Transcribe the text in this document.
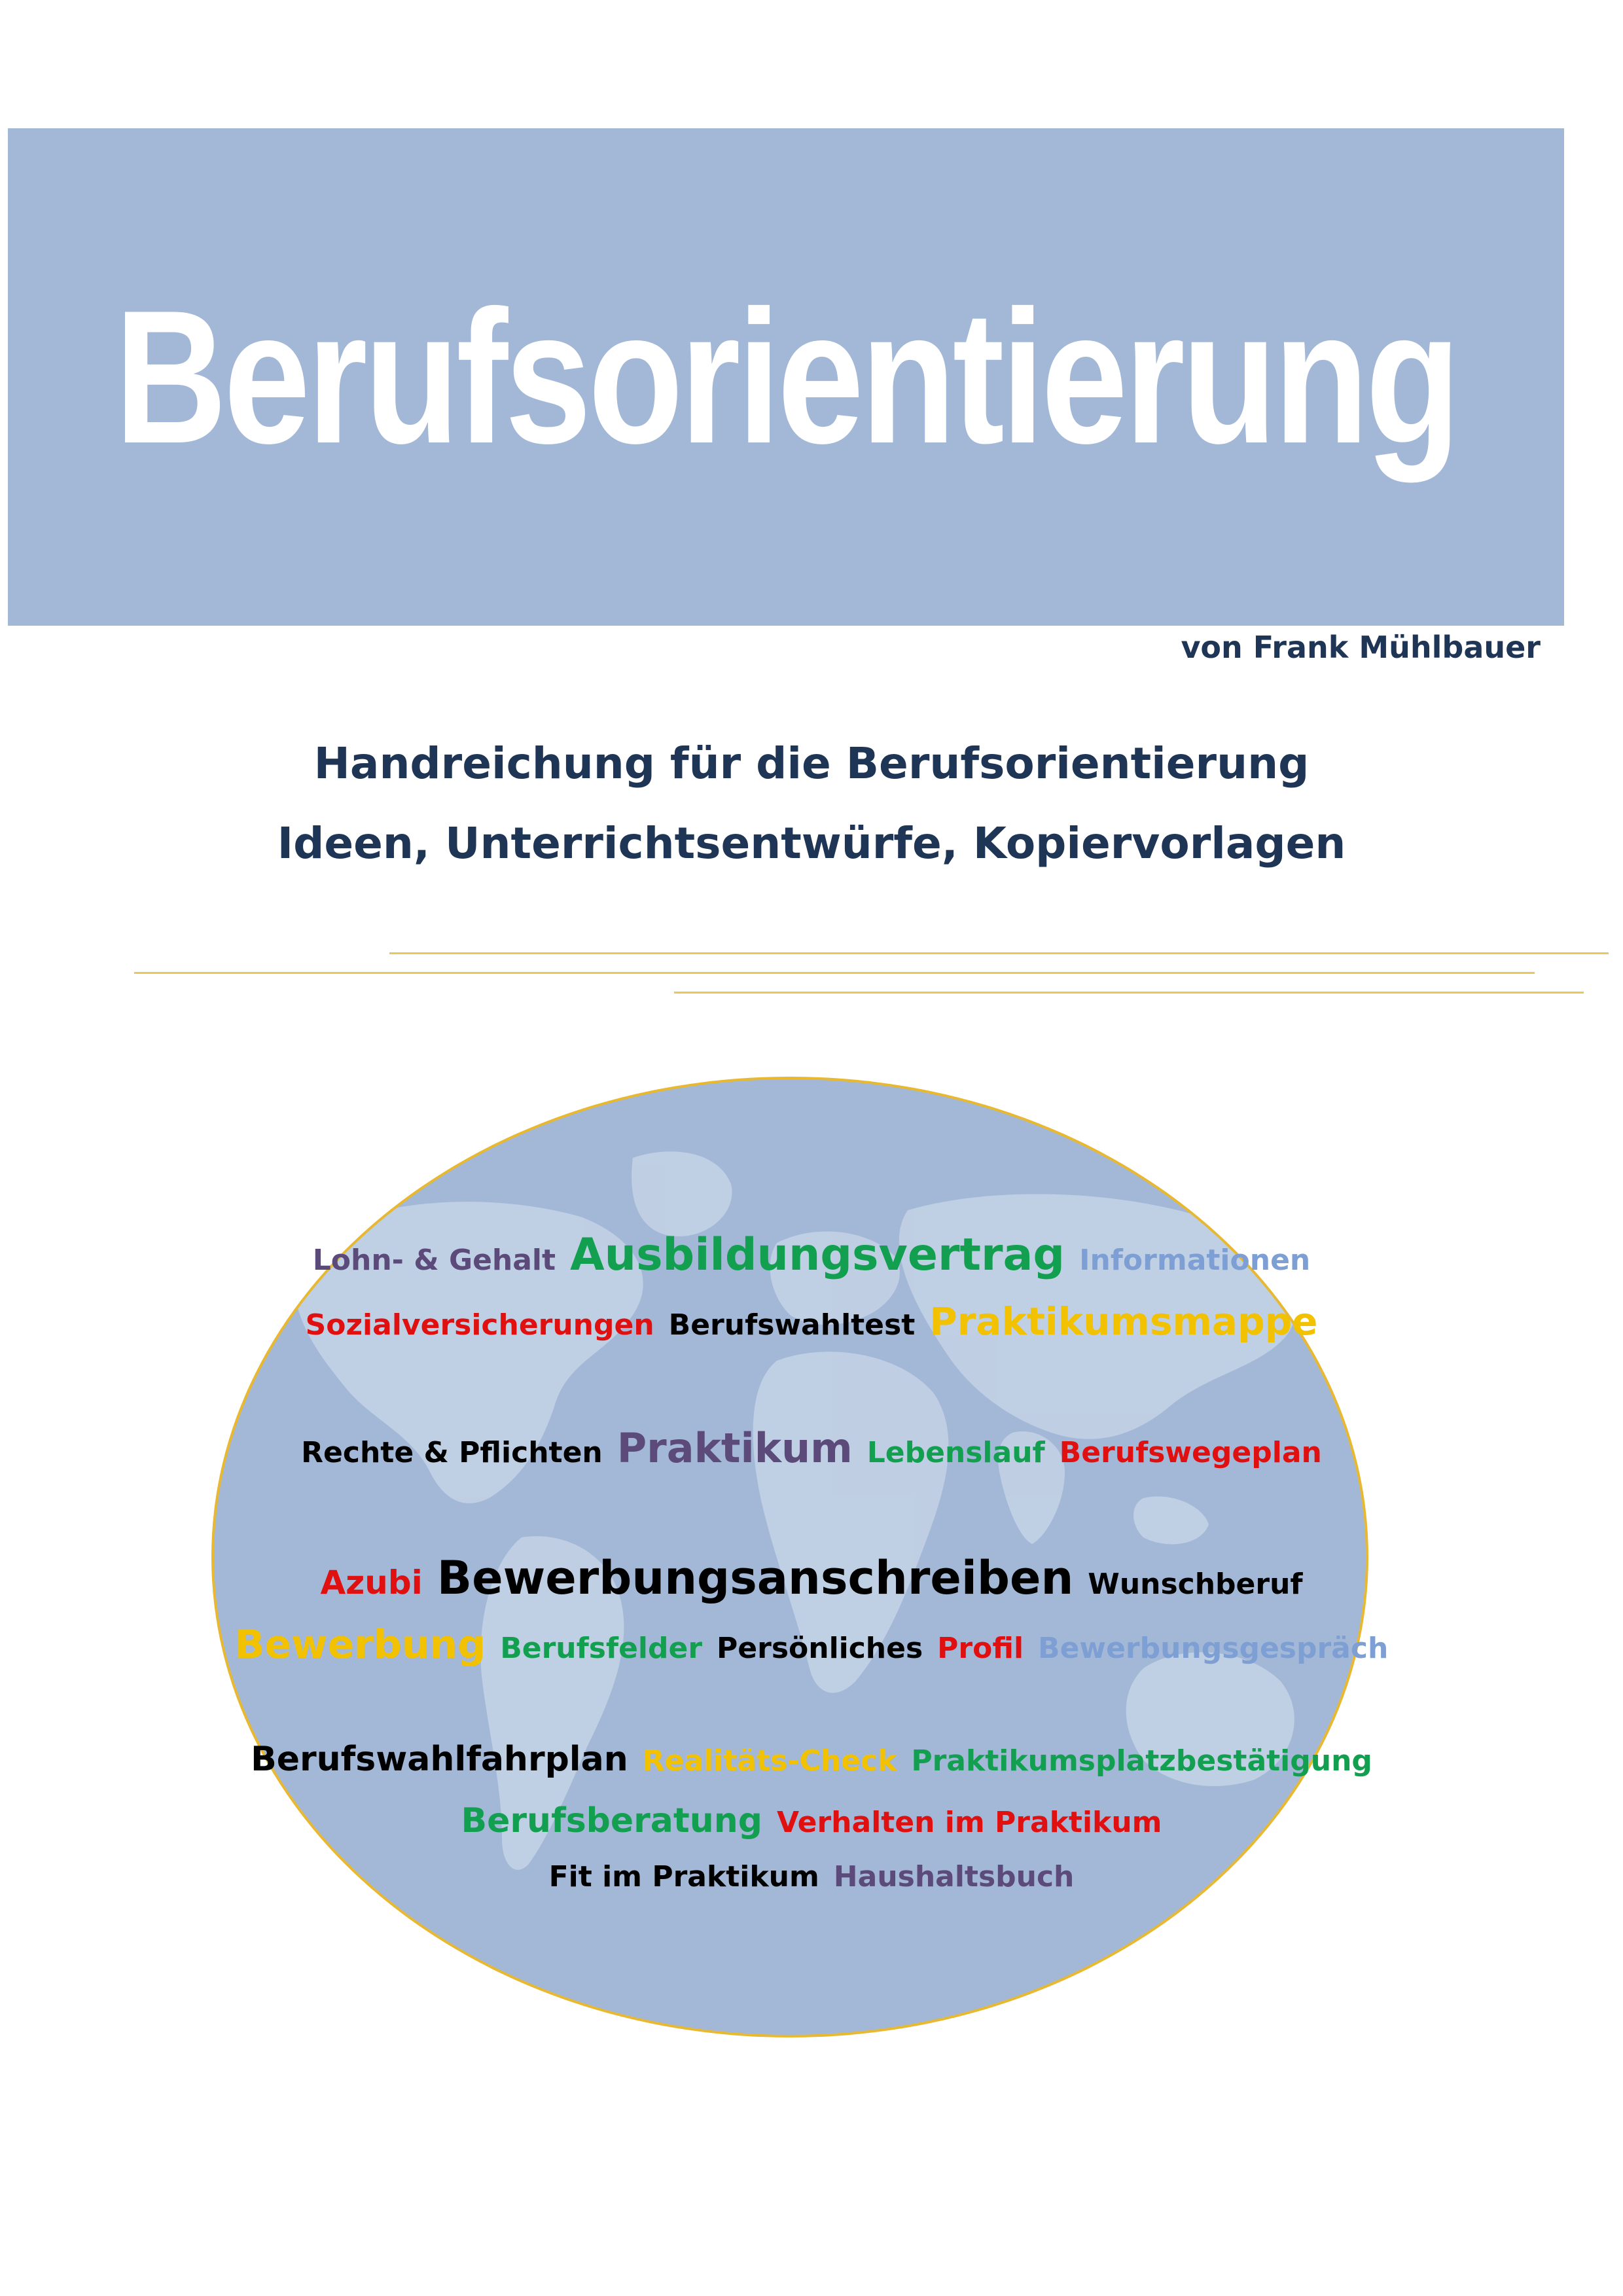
Berufsorientierung
von Frank Mühlbauer
Handreichung für die Berufsorientierung
Ideen, Unterrichtsentwürfe, Kopiervorlagen
Lohn- & Gehalt Ausbildungsvertrag Informationen
Sozialversicherungen Berufswahltest Praktikumsmappe
Rechte & Pflichten Praktikum Lebenslauf Berufswegeplan
Azubi Bewerbungsanschreiben Wunschberuf
Bewerbung Berufsfelder Persönliches Profil Bewerbungsgespräch
Berufswahlfahrplan Realitäts-Check Praktikumsplatzbestätigung
Berufsberatung Verhalten im Praktikum
Fit im Praktikum Haushaltsbuch
